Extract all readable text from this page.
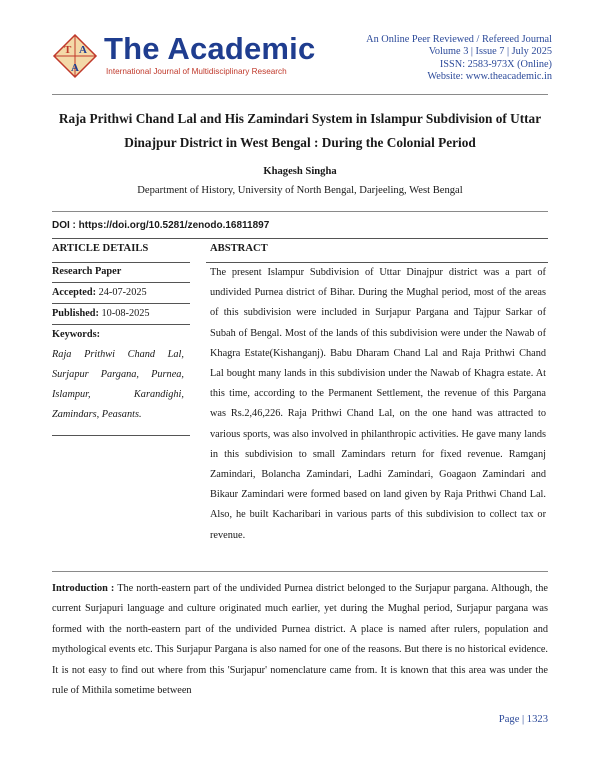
T A
A
The Academic
International Journal of Multidisciplinary Research
An Online Peer Reviewed / Refereed Journal
Volume 3 | Issue 7 | July 2025
ISSN: 2583-973X (Online)
Website: www.theacademic.in
Raja Prithwi Chand Lal and His Zamindari System in Islampur Subdivision of Uttar Dinajpur District in West Bengal : During the Colonial Period
Khagesh Singha
Department of History, University of North Bengal, Darjeeling, West Bengal
DOI : https://doi.org/10.5281/zenodo.16811897
ARTICLE DETAILS	ABSTRACT
Research Paper
Accepted: 24-07-2025
Published: 10-08-2025
Keywords:
Raja Prithwi Chand Lal, Surjapur Pargana, Purnea, Islampur, Karandighi, Zamindars, Peasants.
The present Islampur Subdivision of Uttar Dinajpur district was a part of undivided Purnea district of Bihar. During the Mughal period, most of the areas of this subdivision were included in Surjapur Pargana and Tajpur Sarkar of Subah of Bengal. Most of the lands of this subdivision were under the Nawab of Khagra Estate(Kishanganj). Babu Dharam Chand Lal and Raja Prithwi Chand Lal bought many lands in this subdivision under the Nawab of Khagra estate. At this time, according to the Permanent Settlement, the revenue of this Pargana was Rs.2,46,226. Raja Prithwi Chand Lal, on the one hand was attracted to various sports, was also involved in philanthropic activities. He gave many lands in this subdivision to small Zamindars return for fixed revenue. Ramganj Zamindari, Bolancha Zamindari, Ladhi Zamindari, Goagaon Zamindari and Bikaur Zamindari were formed based on land given by Raja Prithwi Chand Lal. Also, he built Kacharibari in various parts of this subdivision to collect tax or revenue.
Introduction : The north-eastern part of the undivided Purnea district belonged to the Surjapur pargana. Although, the current Surjapuri language and culture originated much earlier, yet during the Mughal period, Surjapur pargana was formed with the north-eastern part of the undivided Purnea district. A place is named after rulers, population and mythological events etc. This Surjapur Pargana is also named for one of the reasons. But there is no historical evidence. It is not easy to find out where from this 'Surjapur' nomenclature came from. It is known that this area was under the rule of Mithila sometime between
Page | 1323
